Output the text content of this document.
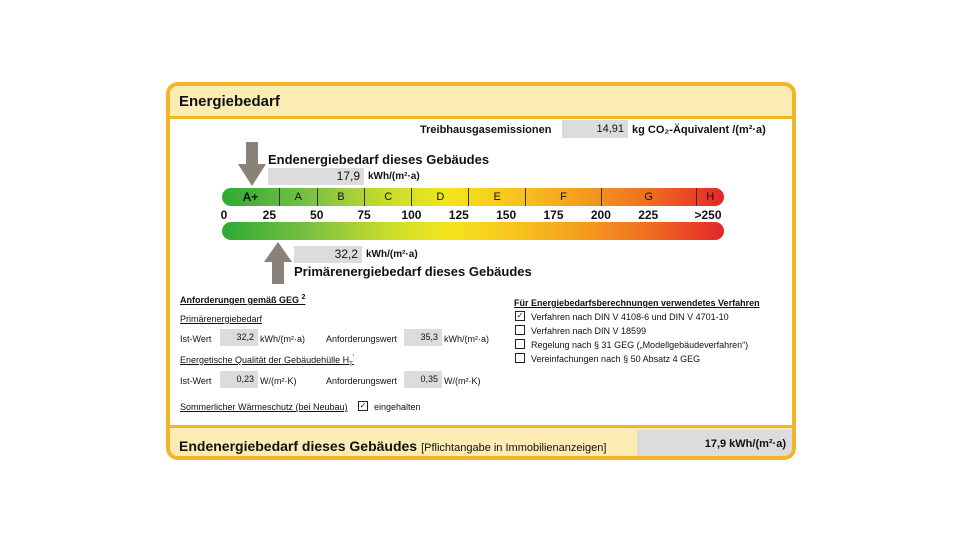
Energiebedarf
Treibhausgasemissionen	14,91 kg CO₂-Äquivalent /(m²·a)
Endenergiebedarf dieses Gebäudes
17,9 kWh/(m²·a)
A+	A	B	C	D	E	F	G	H
32,2 kWh/(m²·a)
Primärenergiebedarf dieses Gebäudes
Anforderungen gemäß GEG $^2$
Primärenergiebedarf
Ist-Wert	32,2 kWh/(m²·a) Anforderungswert	35,3 kWh/(m²·a)
Energetische Qualität der Gebäudehülle $H_T'$
Ist-Wert	0,23 W/(m²·K)	Anforderungswert	0,35 W/(m²·K)
Sommerlicher Wärmeschutz (bei Neubau) ✓ eingehalten
Für Energiebedarfsberechnungen verwendetes Verfahren
✓ Verfahren nach DIN V 4108-6 und DIN V 4701-10
Verfahren nach DIN V 18599
Regelung nach § 31 GEG („Modellgebäudeverfahren“)
Vereinfachungen nach § 50 Absatz 4 GEG
Endenergiebedarf dieses Gebäudes [Pflichtangabe in Immobilienanzeigen]	17,9 kWh/(m²·a)
0	25	50	75	100 125 150 175 200 225	>250
